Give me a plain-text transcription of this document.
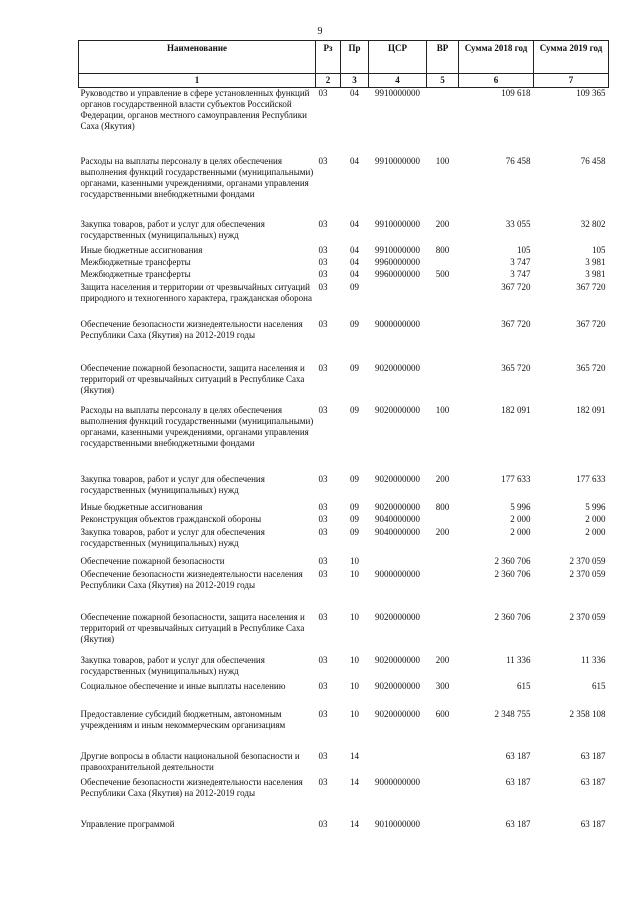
9
Наименование	Рз	Пр	ЦСР	ВР	Сумма 2018 год	Сумма 2019 год
1	2	3	4	5	6	7
Руководство и управление в сфере установленных функций органов государственной власти субъектов Российской Федерации, органов местного самоуправления Республики Саха (Якутия)	03	04	9910000000		109 618	109 365
Расходы на выплаты персоналу в целях обеспечения выполнения функций государственными (муниципальными) органами, казенными учреждениями, органами управления государственными внебюджетными фондами	03	04	9910000000	100	76 458	76 458
Закупка товаров, работ и услуг для обеспечения государственных (муниципальных) нужд	03	04	9910000000	200	33 055	32 802
Иные бюджетные ассигнования	03	04	9910000000	800	105	105
Межбюджетные трансферты	03	04	9960000000		3 747	3 981
Межбюджетные трансферты	03	04	9960000000	500	3 747	3 981
Защита населения и территории от чрезвычайных ситуаций природного и техногенного характера, гражданская оборона	03	09			367 720	367 720
Обеспечение безопасности жизнедеятельности населения Республики Саха (Якутия) на 2012-2019 годы	03	09	9000000000		367 720	367 720
Обеспечение пожарной безопасности, защита населения и территорий от чрезвычайных ситуаций в Республике Саха (Якутия)	03	09	9020000000		365 720	365 720
Расходы на выплаты персоналу в целях обеспечения выполнения функций государственными (муниципальными) органами, казенными учреждениями, органами управления государственными внебюджетными фондами	03	09	9020000000	100	182 091	182 091
Закупка товаров, работ и услуг для обеспечения государственных (муниципальных) нужд	03	09	9020000000	200	177 633	177 633
Иные бюджетные ассигнования	03	09	9020000000	800	5 996	5 996
Реконструкция объектов гражданской обороны	03	09	9040000000		2 000	2 000
Закупка товаров, работ и услуг для обеспечения государственных (муниципальных) нужд	03	09	9040000000	200	2 000	2 000
Обеспечение пожарной безопасности	03	10			2 360 706	2 370 059
Обеспечение безопасности жизнедеятельности населения Республики Саха (Якутия) на 2012-2019 годы	03	10	9000000000		2 360 706	2 370 059
Обеспечение пожарной безопасности, защита населения и территорий от чрезвычайных ситуаций в Республике Саха (Якутия)	03	10	9020000000		2 360 706	2 370 059
Закупка товаров, работ и услуг для обеспечения государственных (муниципальных) нужд	03	10	9020000000	200	11 336	11 336
Социальное обеспечение и иные выплаты населению	03	10	9020000000	300	615	615
Предоставление субсидий бюджетным, автономным учреждениям и иным некоммерческим организациям	03	10	9020000000	600	2 348 755	2 358 108
Другие вопросы в области национальной безопасности и правоохранительной деятельности	03	14			63 187	63 187
Обеспечение безопасности жизнедеятельности населения Республики Саха (Якутия) на 2012-2019 годы	03	14	9000000000		63 187	63 187
Управление программой	03	14	9010000000		63 187	63 187
